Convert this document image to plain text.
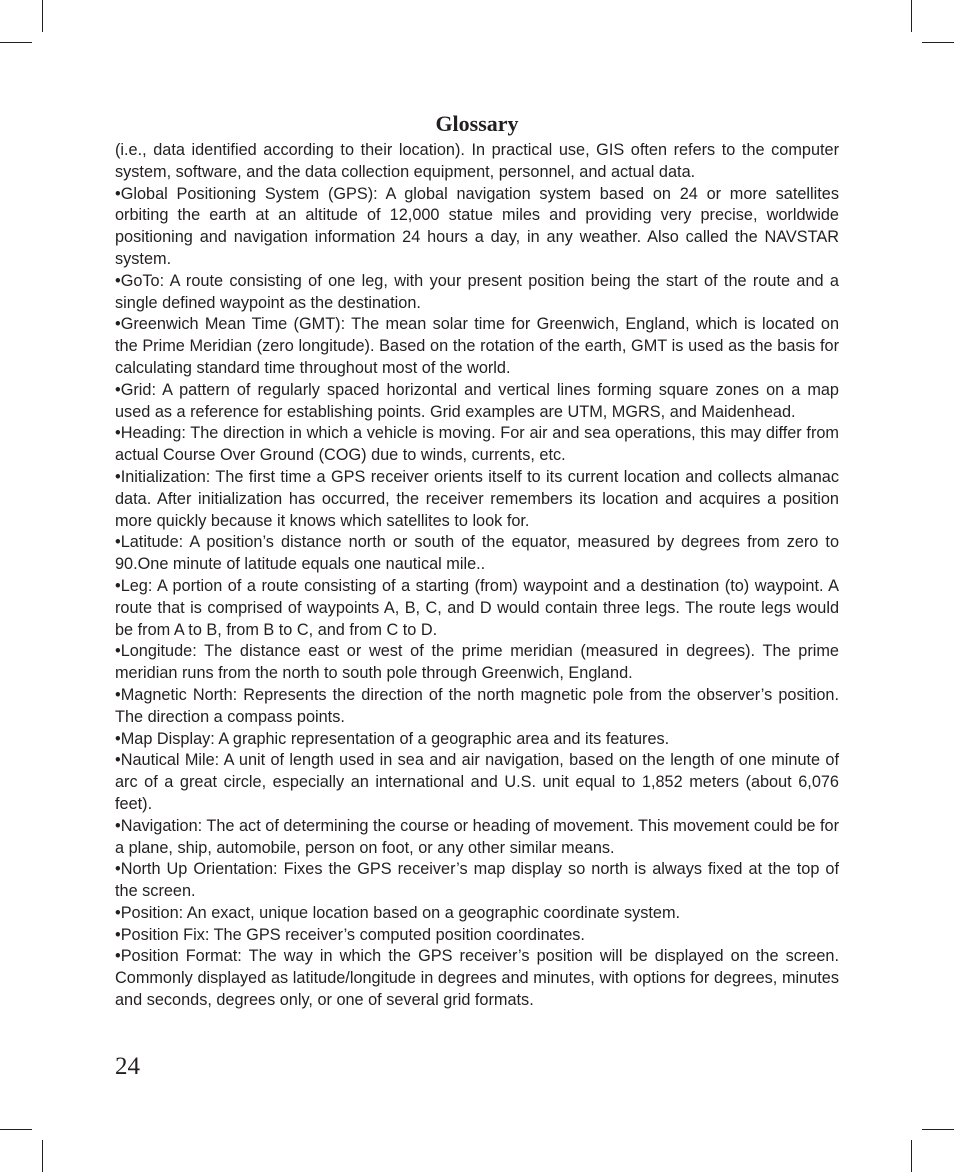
Glossary

(i.e., data identified according to their location). In practical use, GIS often refers to the computer system, software, and the data collection equipment, personnel, and actual data.

•Global Positioning System (GPS): A global navigation system based on 24 or more satellites orbiting the earth at an altitude of 12,000 statue miles and providing very precise, worldwide positioning and navigation information 24 hours a day, in any weather. Also called the NAVSTAR system.

•GoTo: A route consisting of one leg, with your present position being the start of the route and a single defined waypoint as the destination.

•Greenwich Mean Time (GMT): The mean solar time for Greenwich, England, which is located on the Prime Meridian (zero longitude). Based on the rotation of the earth, GMT is used as the basis for calculating standard time throughout most of the world.

•Grid: A pattern of regularly spaced horizontal and vertical lines forming square zones on a map used as a reference for establishing points. Grid examples are UTM, MGRS, and Maidenhead.

•Heading: The direction in which a vehicle is moving. For air and sea operations, this may differ from actual Course Over Ground (COG) due to winds, currents, etc.

•Initialization: The first time a GPS receiver orients itself to its current location and collects almanac data. After initialization has occurred, the receiver remembers its location and acquires a position more quickly because it knows which satellites to look for.

•Latitude: A position’s distance north or south of the equator, measured by degrees from zero to 90.One minute of latitude equals one nautical mile..

•Leg: A portion of a route consisting of a starting (from) waypoint and a destination (to) waypoint. A route that is comprised of waypoints A, B, C, and D would contain three legs. The route legs would be from A to B, from B to C, and from C to D.

•Longitude: The distance east or west of the prime meridian (measured in degrees). The prime meridian runs from the north to south pole through Greenwich, England.

•Magnetic North: Represents the direction of the north magnetic pole from the observer’s position. The direction a compass points.

•Map Display: A graphic representation of a geographic area and its features.

•Nautical Mile: A unit of length used in sea and air navigation, based on the length of one minute of arc of a great circle, especially an international and U.S. unit equal to 1,852 meters (about 6,076 feet).

•Navigation: The act of determining the course or heading of movement. This movement could be for a plane, ship, automobile, person on foot, or any other similar means.

•North Up Orientation: Fixes the GPS receiver’s map display so north is always fixed at the top of the screen.

•Position: An exact, unique location based on a geographic coordinate system.

•Position Fix: The GPS receiver’s computed position coordinates.

•Position Format: The way in which the GPS receiver’s position will be displayed on the screen. Commonly displayed as latitude/longitude in degrees and minutes, with options for degrees, minutes and seconds, degrees only, or one of several grid formats.

24
